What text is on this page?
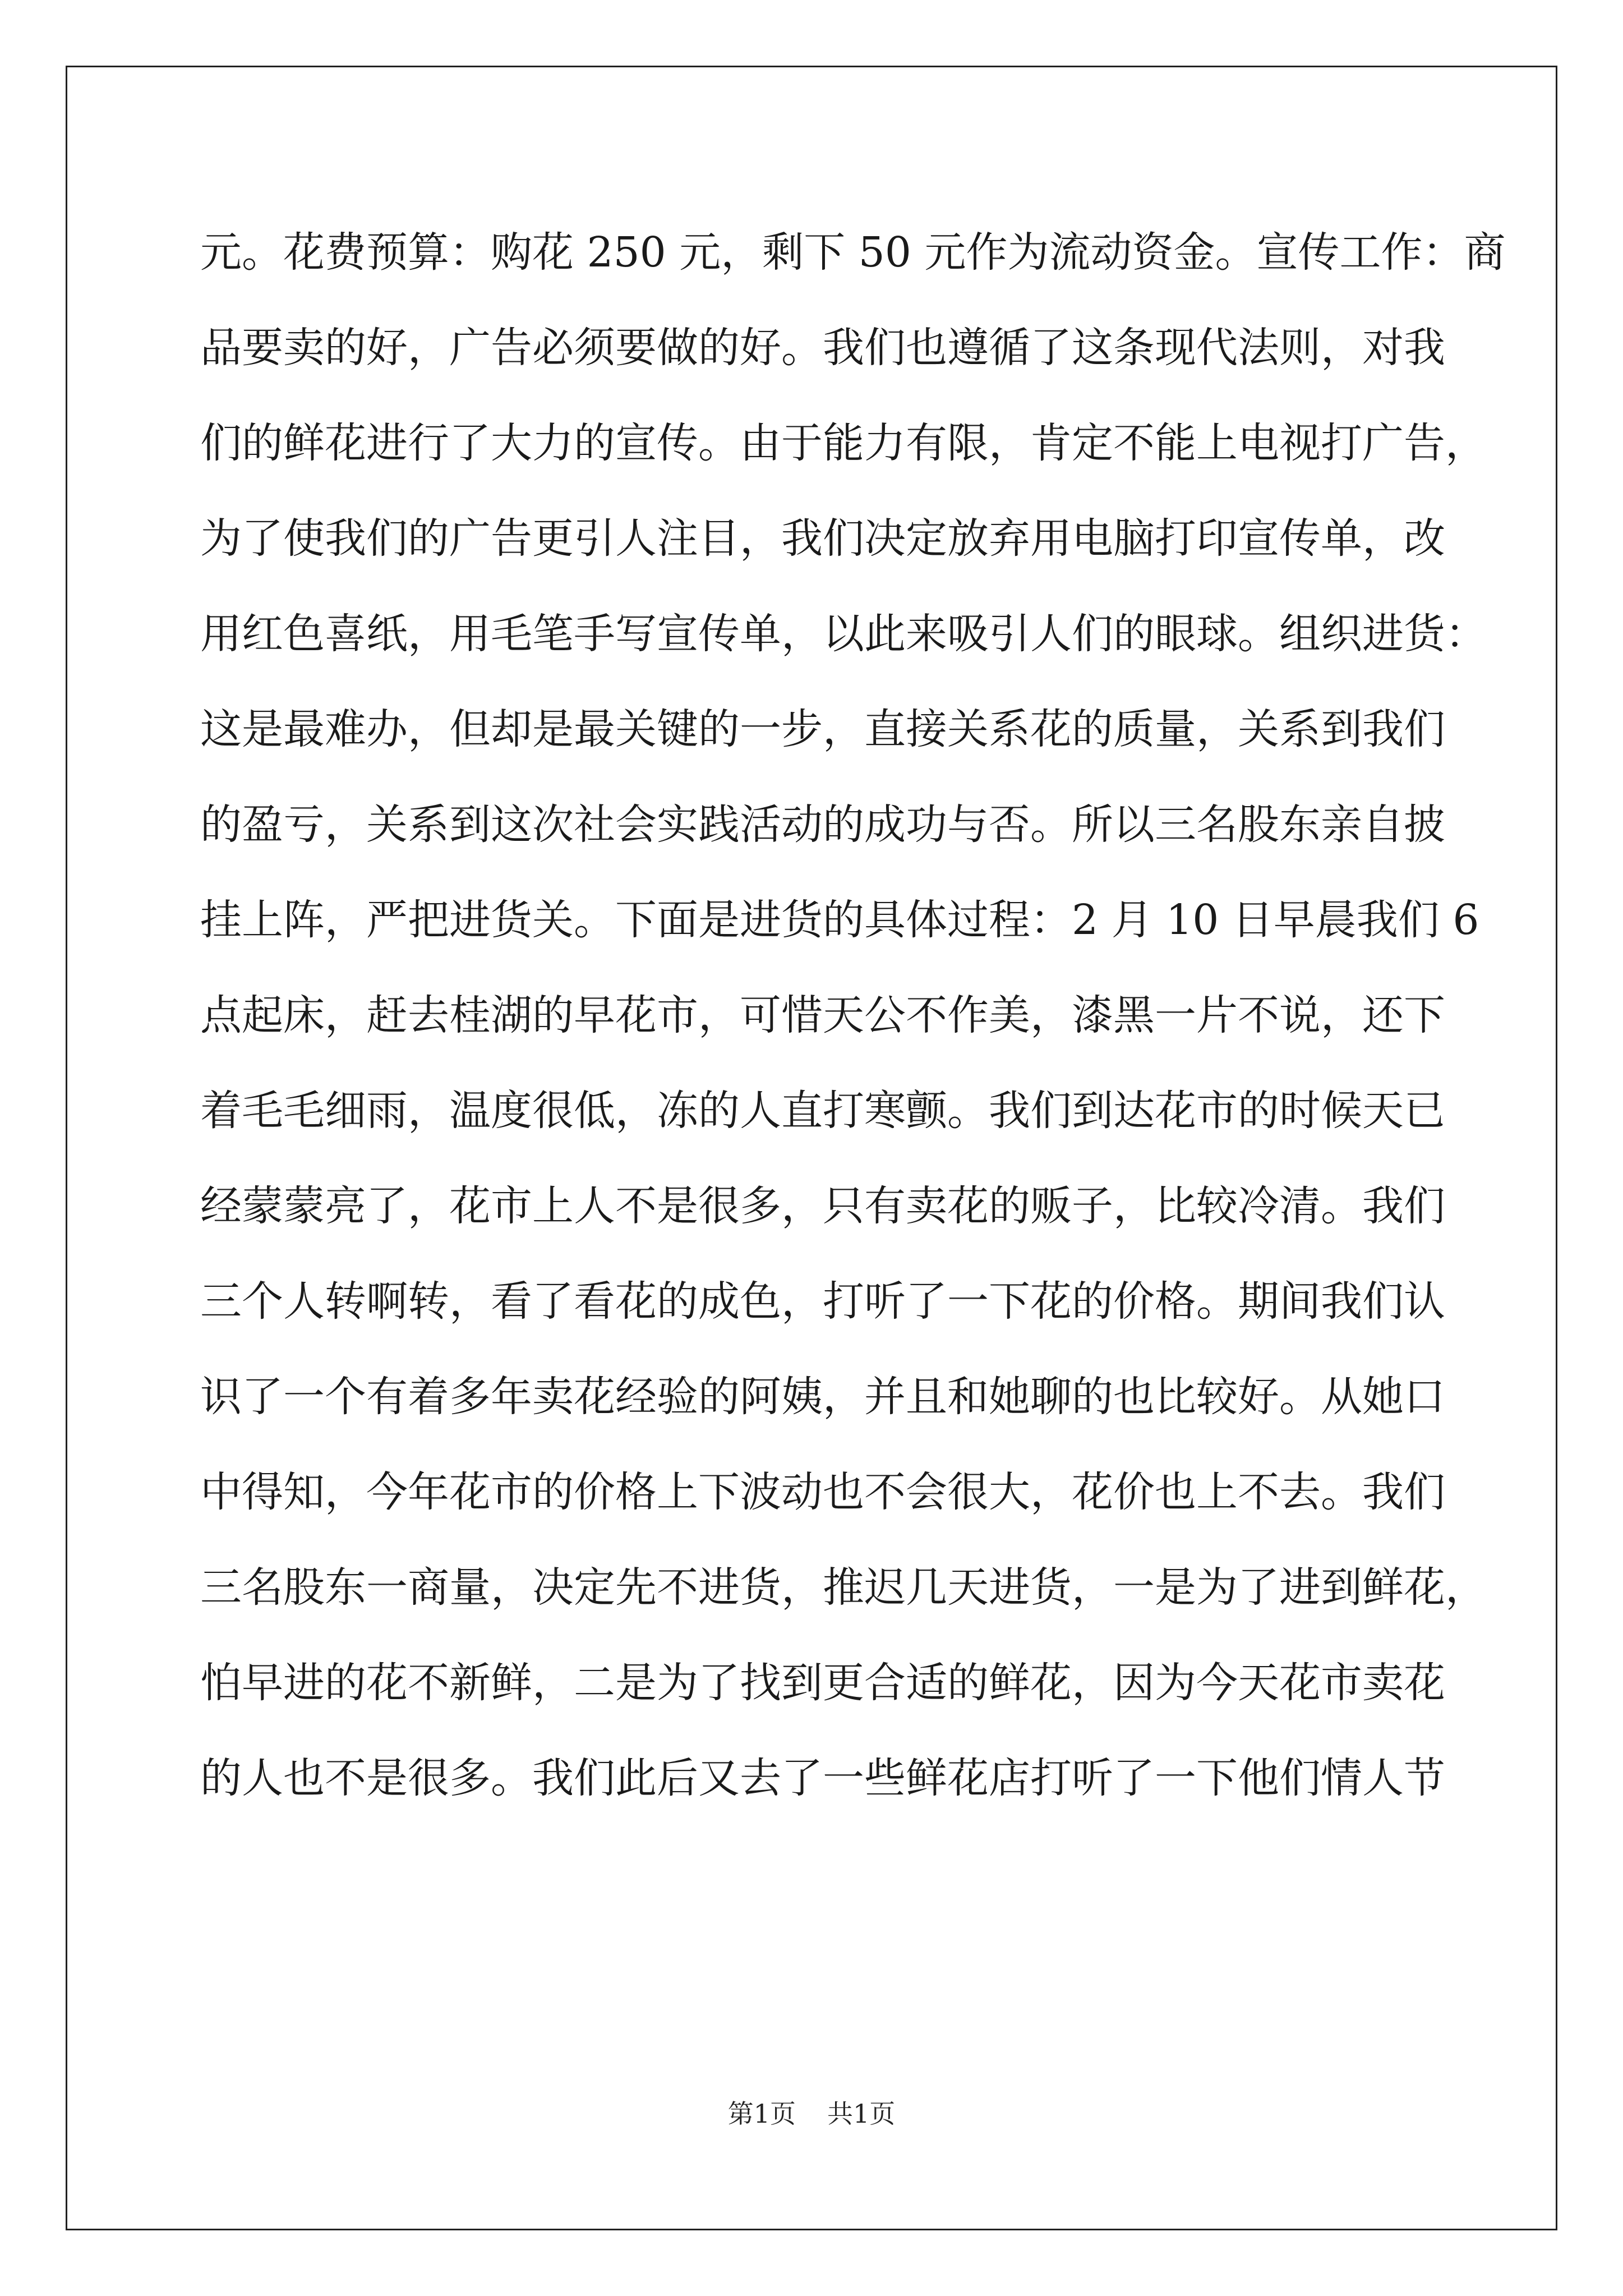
元。花费预算：购花 250 元，剩下 50 元作为流动资金。宣传工作：商
品要卖的好，广告必须要做的好。我们也遵循了这条现代法则，对我
们的鲜花进行了大力的宣传。由于能力有限，肯定不能上电视打广告，
为了使我们的广告更引人注目，我们决定放弃用电脑打印宣传单，改
用红色喜纸，用毛笔手写宣传单，以此来吸引人们的眼球。组织进货：
这是最难办，但却是最关键的一步，直接关系花的质量，关系到我们
的盈亏，关系到这次社会实践活动的成功与否。所以三名股东亲自披
挂上阵，严把进货关。下面是进货的具体过程：2 月 10 日早晨我们 6
点起床，赶去桂湖的早花市，可惜天公不作美，漆黑一片不说，还下
着毛毛细雨，温度很低，冻的人直打寒颤。我们到达花市的时候天已
经蒙蒙亮了，花市上人不是很多，只有卖花的贩子，比较冷清。我们
三个人转啊转，看了看花的成色，打听了一下花的价格。期间我们认
识了一个有着多年卖花经验的阿姨，并且和她聊的也比较好。从她口
中得知，今年花市的价格上下波动也不会很大，花价也上不去。我们
三名股东一商量，决定先不进货，推迟几天进货，一是为了进到鲜花，
怕早进的花不新鲜，二是为了找到更合适的鲜花，因为今天花市卖花
的人也不是很多。我们此后又去了一些鲜花店打听了一下他们情人节
第1页 共1页
